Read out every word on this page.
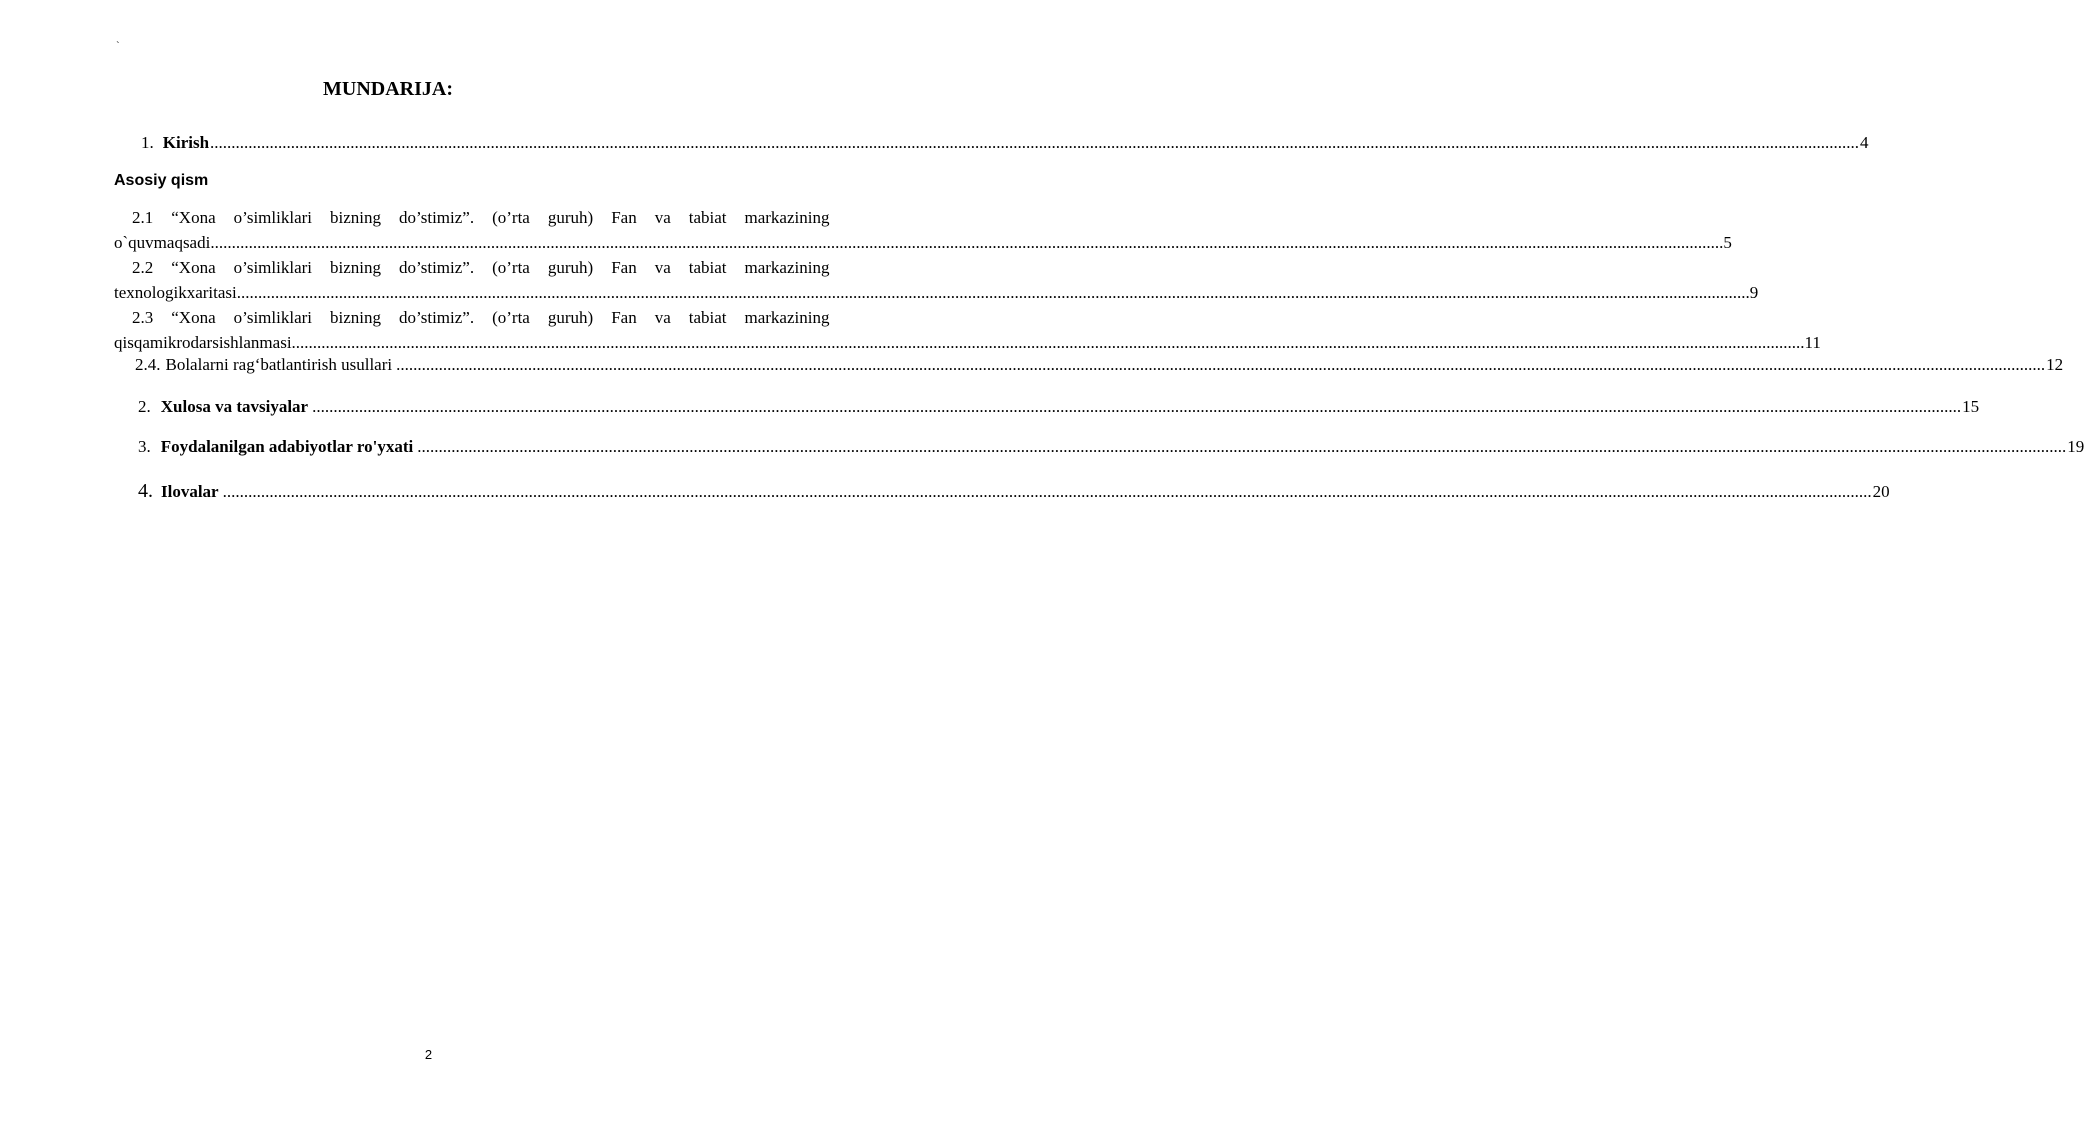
`
MUNDARIJA:
1. Kirish .....	4
Asosiy qism
2.1	“Xona	o’simliklari	bizning	do’stimiz”.	(o’rta	guruh)	Fan	va	tabiat	markazining
o`quv maqsadi .....	5
2.2	“Xona	o’simliklari	bizning	do’stimiz”.	(o’rta	guruh)	Fan	va	tabiat	markazining
texnologik xaritasi .....	9
2.3	“Xona	o’simliklari	bizning	do’stimiz”.	(o’rta	guruh)	Fan	va	tabiat	markazining
qisqa mikrodars ishlanmasi .....	11
2.4. Bolalarni rag‘batlantirish usullari .....	12
2. Xulosa va tavsiyalar .....	15
3. Foydalanilgan adabiyotlar ro'yxati .....	19
4. Ilovalar .....	20
2
